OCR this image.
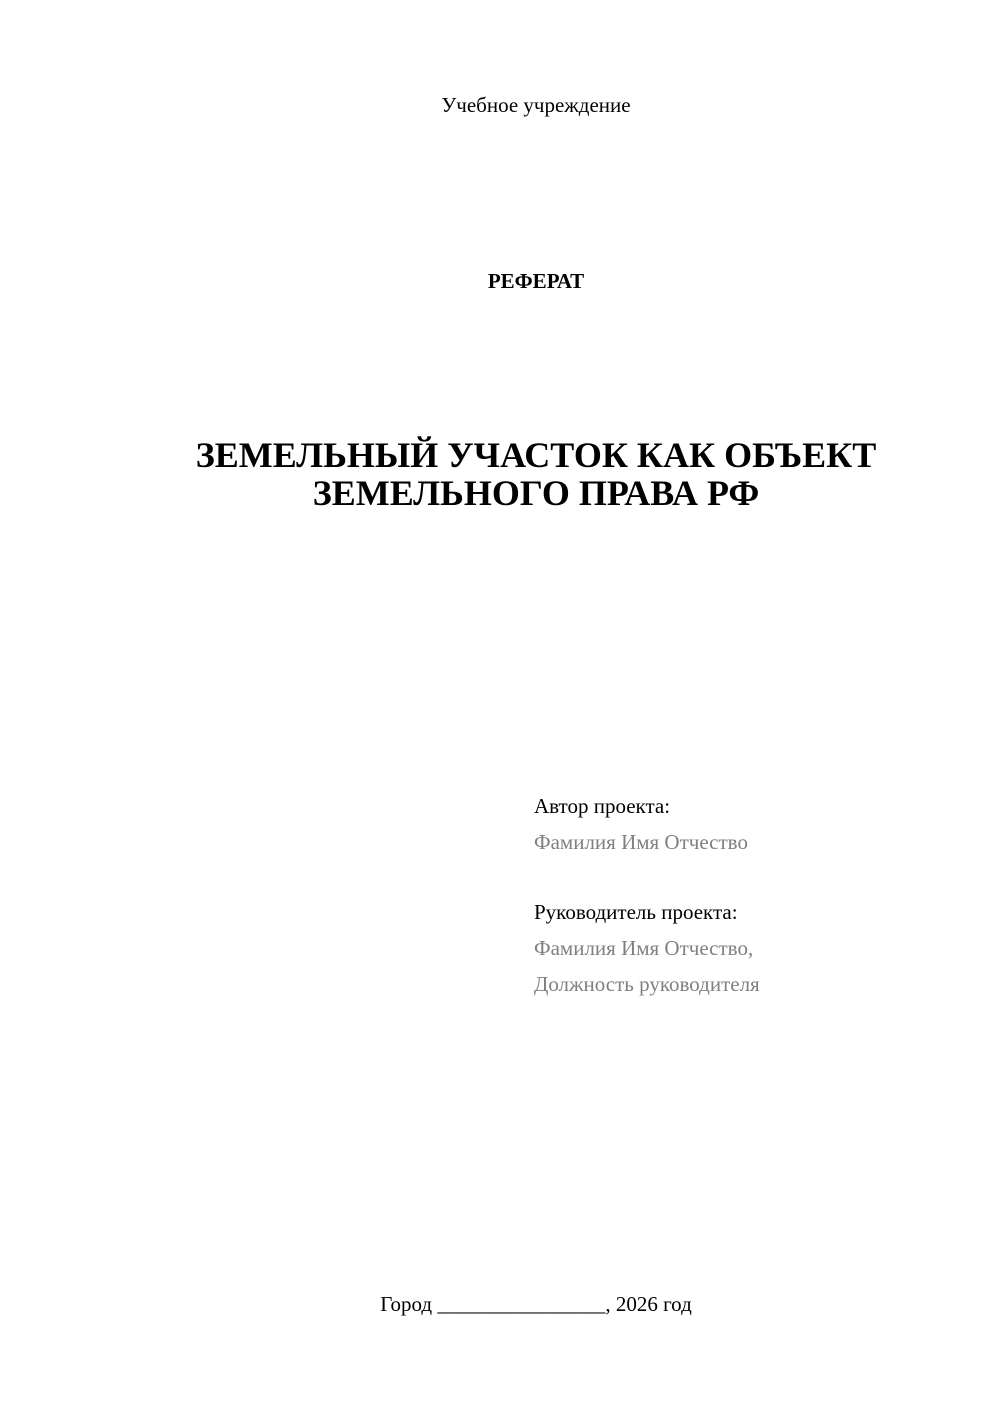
Учебное учреждение
РЕФЕРАТ
ЗЕМЕЛЬНЫЙ УЧАСТОК КАК ОБЪЕКТ
ЗЕМЕЛЬНОГО ПРАВА РФ
Автор проекта:
Фамилия Имя Отчество
Руководитель проекта:
Фамилия Имя Отчество,
Должность руководителя
Город ________________, 2026 год
